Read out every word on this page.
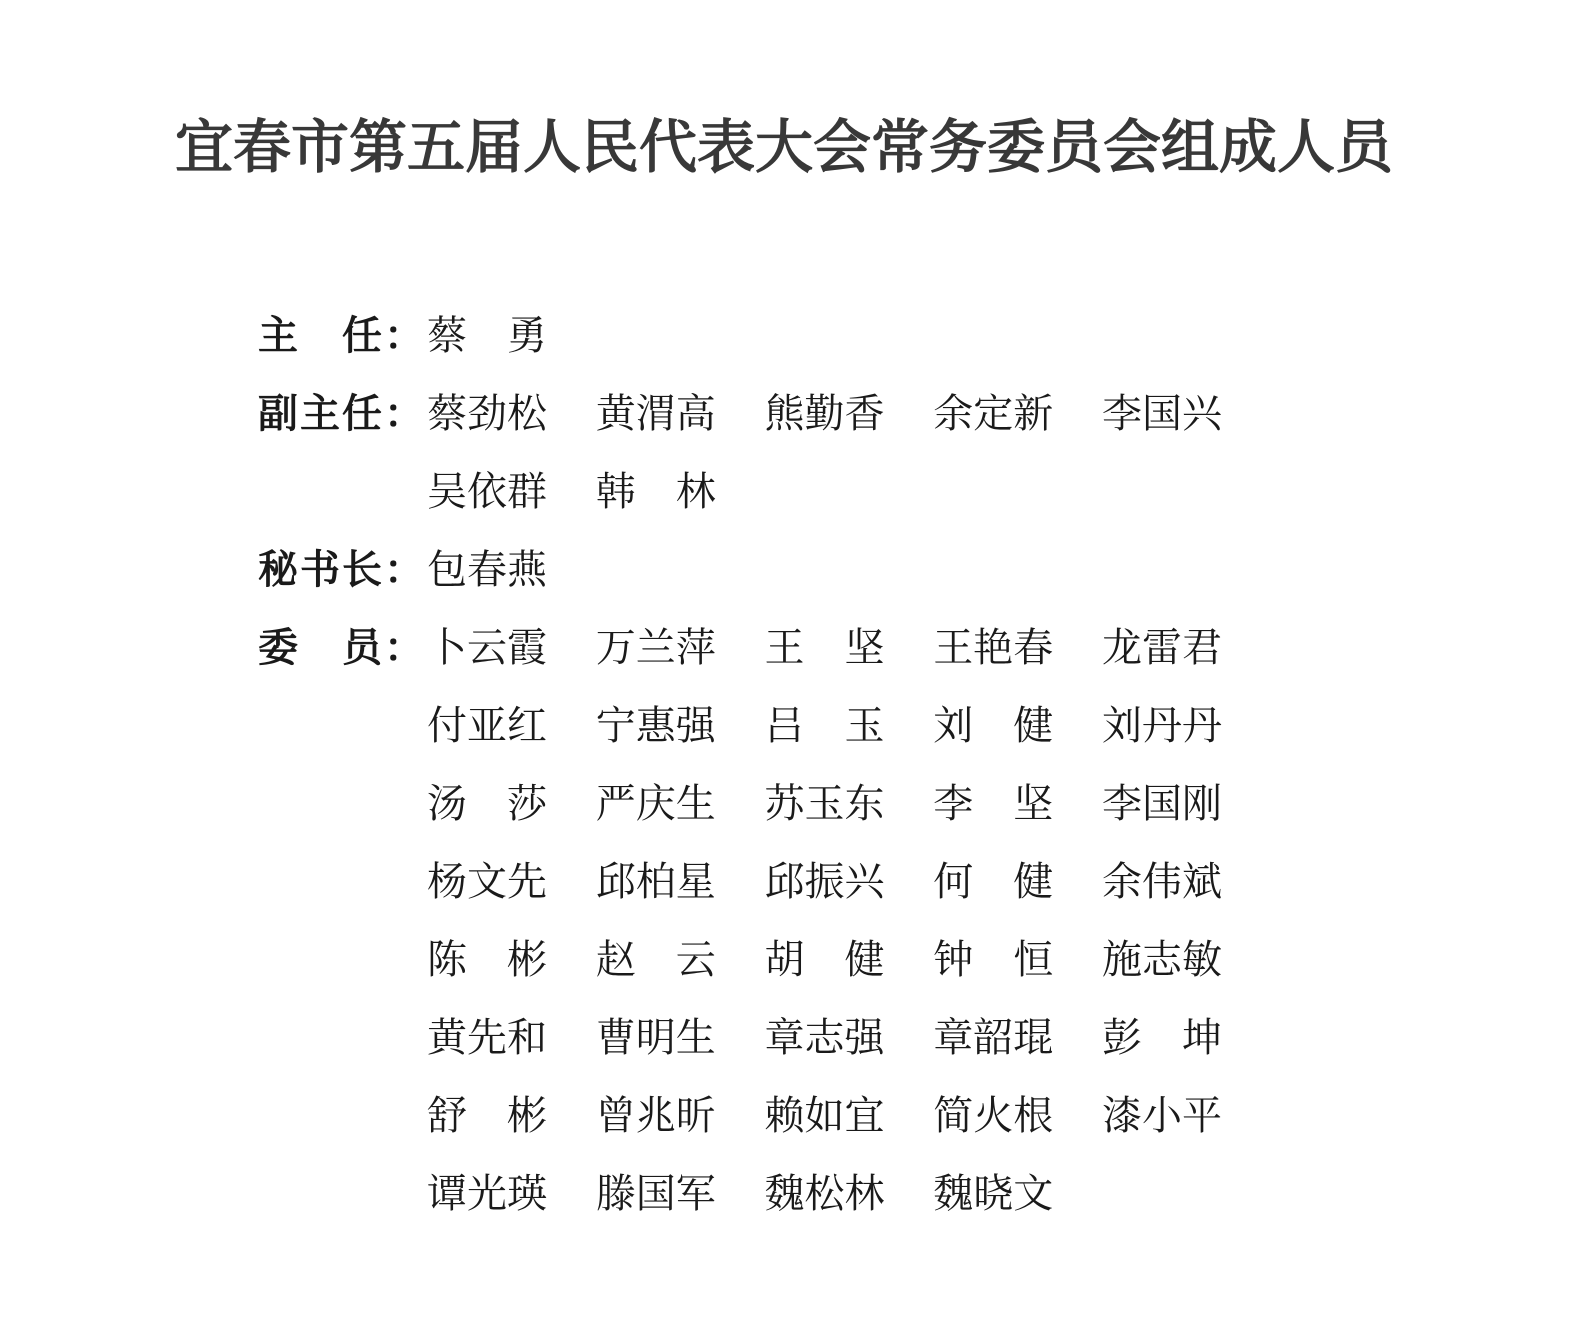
宜春市第五届人民代表大会常务委员会组成人员
主　任： 蔡　勇
副主任： 蔡劲松	黄渭高	熊勤香	余定新	李国兴
吴依群	韩　林
秘书长： 包春燕
委　员： 卜云霞	万兰萍	王　坚	王艳春	龙雷君
付亚红	宁惠强	吕　玉	刘　健	刘丹丹
汤　莎	严庆生	苏玉东	李　坚	李国刚
杨文先	邱柏星	邱振兴	何　健	余伟斌
陈　彬	赵　云	胡　健	钟　恒	施志敏
黄先和	曹明生	章志强	章韶琨	彭　坤
舒　彬	曾兆昕	赖如宜	简火根	漆小平
谭光瑛	滕国军	魏松林	魏晓文
